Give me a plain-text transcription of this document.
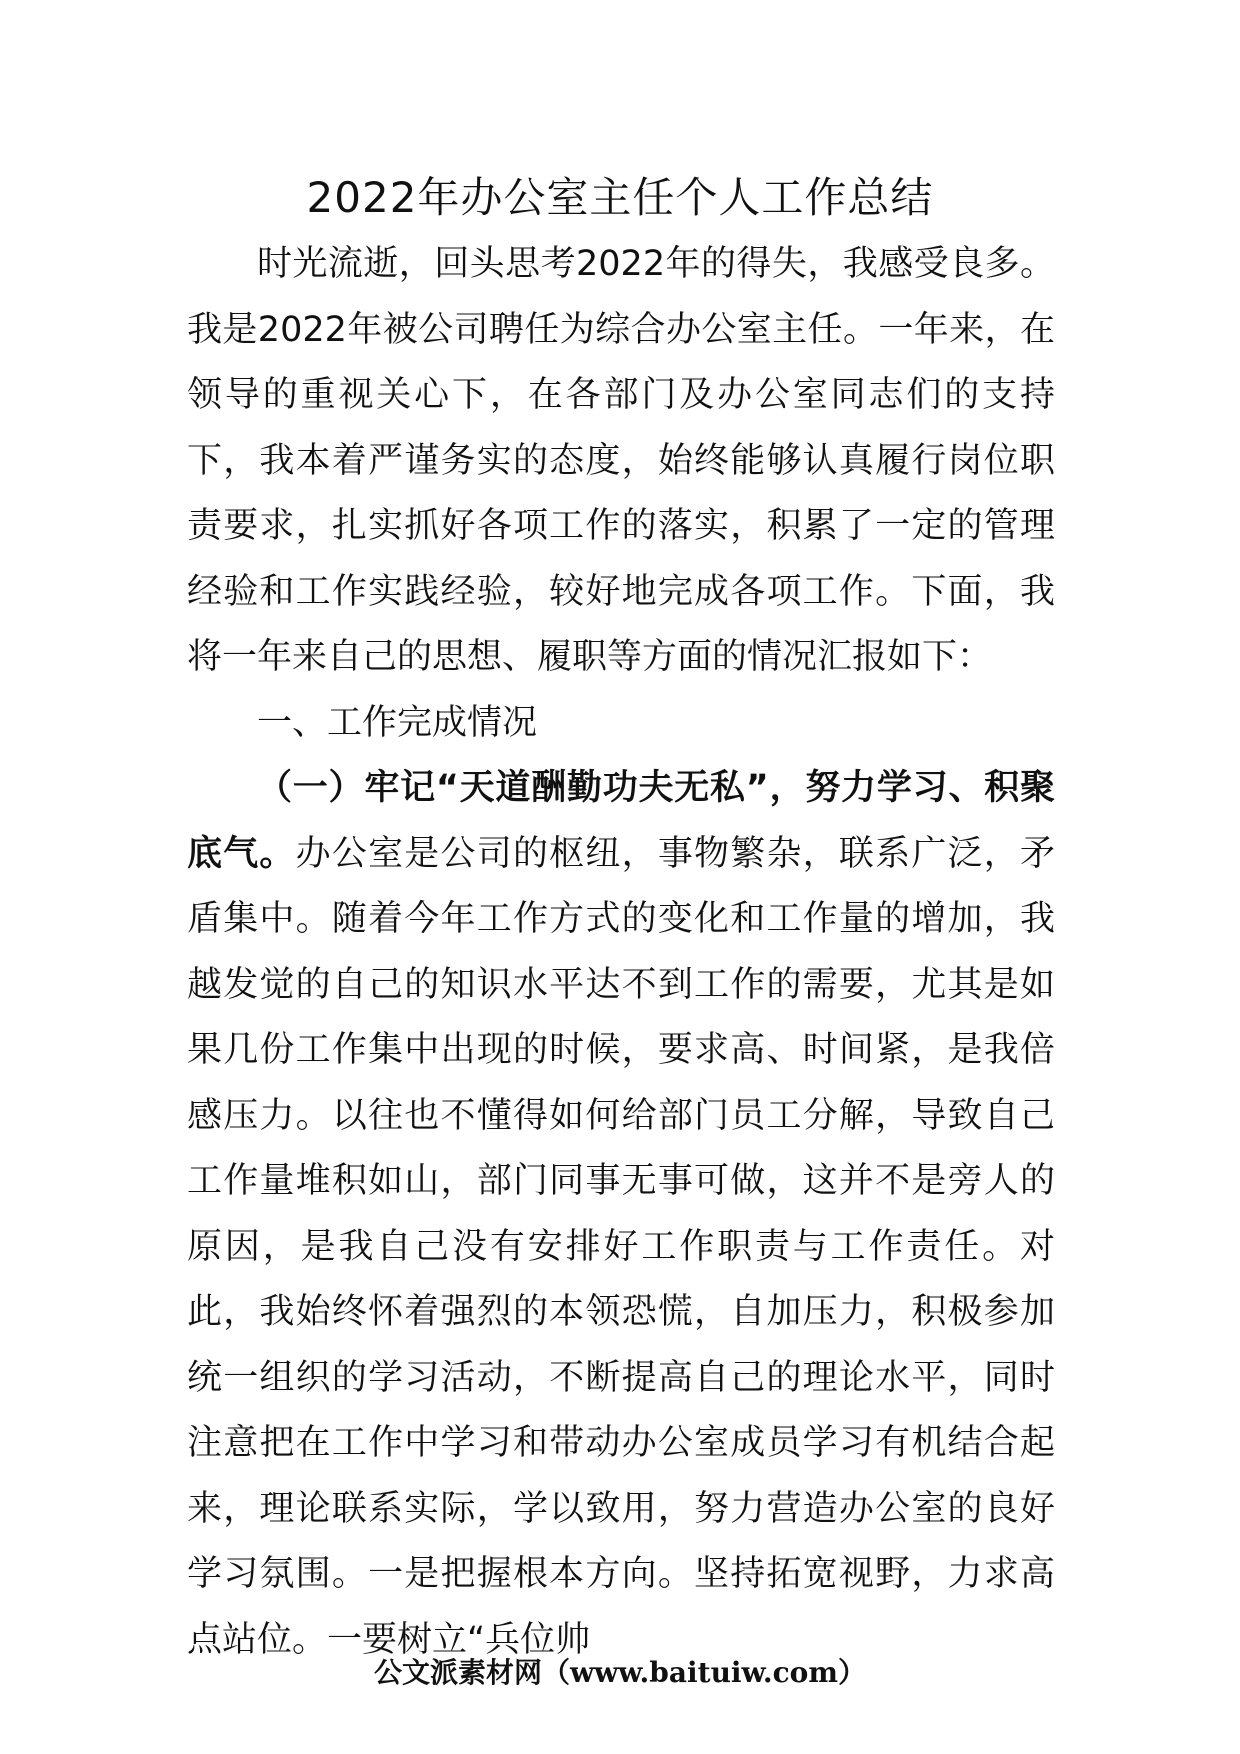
2022年办公室主任个人工作总结

时光流逝，回头思考2022年的得失，我感受良多。我是2022年被公司聘任为综合办公室主任。一年来，在领导的重视关心下，在各部门及办公室同志们的支持下，我本着严谨务实的态度，始终能够认真履行岗位职责要求，扎实抓好各项工作的落实，积累了一定的管理经验和工作实践经验，较好地完成各项工作。下面，我将一年来自己的思想、履职等方面的情况汇报如下：

一、工作完成情况

（一）牢记“天道酬勤功夫无私”，努力学习、积聚底气。办公室是公司的枢纽，事物繁杂，联系广泛，矛盾集中。随着今年工作方式的变化和工作量的增加，我越发觉的自己的知识水平达不到工作的需要，尤其是如果几份工作集中出现的时候，要求高、时间紧，是我倍感压力。以往也不懂得如何给部门员工分解，导致自己工作量堆积如山，部门同事无事可做，这并不是旁人的原因，是我自己没有安排好工作职责与工作责任。对此，我始终怀着强烈的本领恐慌，自加压力，积极参加统一组织的学习活动，不断提高自己的理论水平，同时注意把在工作中学习和带动办公室成员学习有机结合起来，理论联系实际，学以致用，努力营造办公室的良好学习氛围。一是把握根本方向。坚持拓宽视野，力求高点站位。一要树立“兵位帅

公文派素材网（www.baituiw.com）
